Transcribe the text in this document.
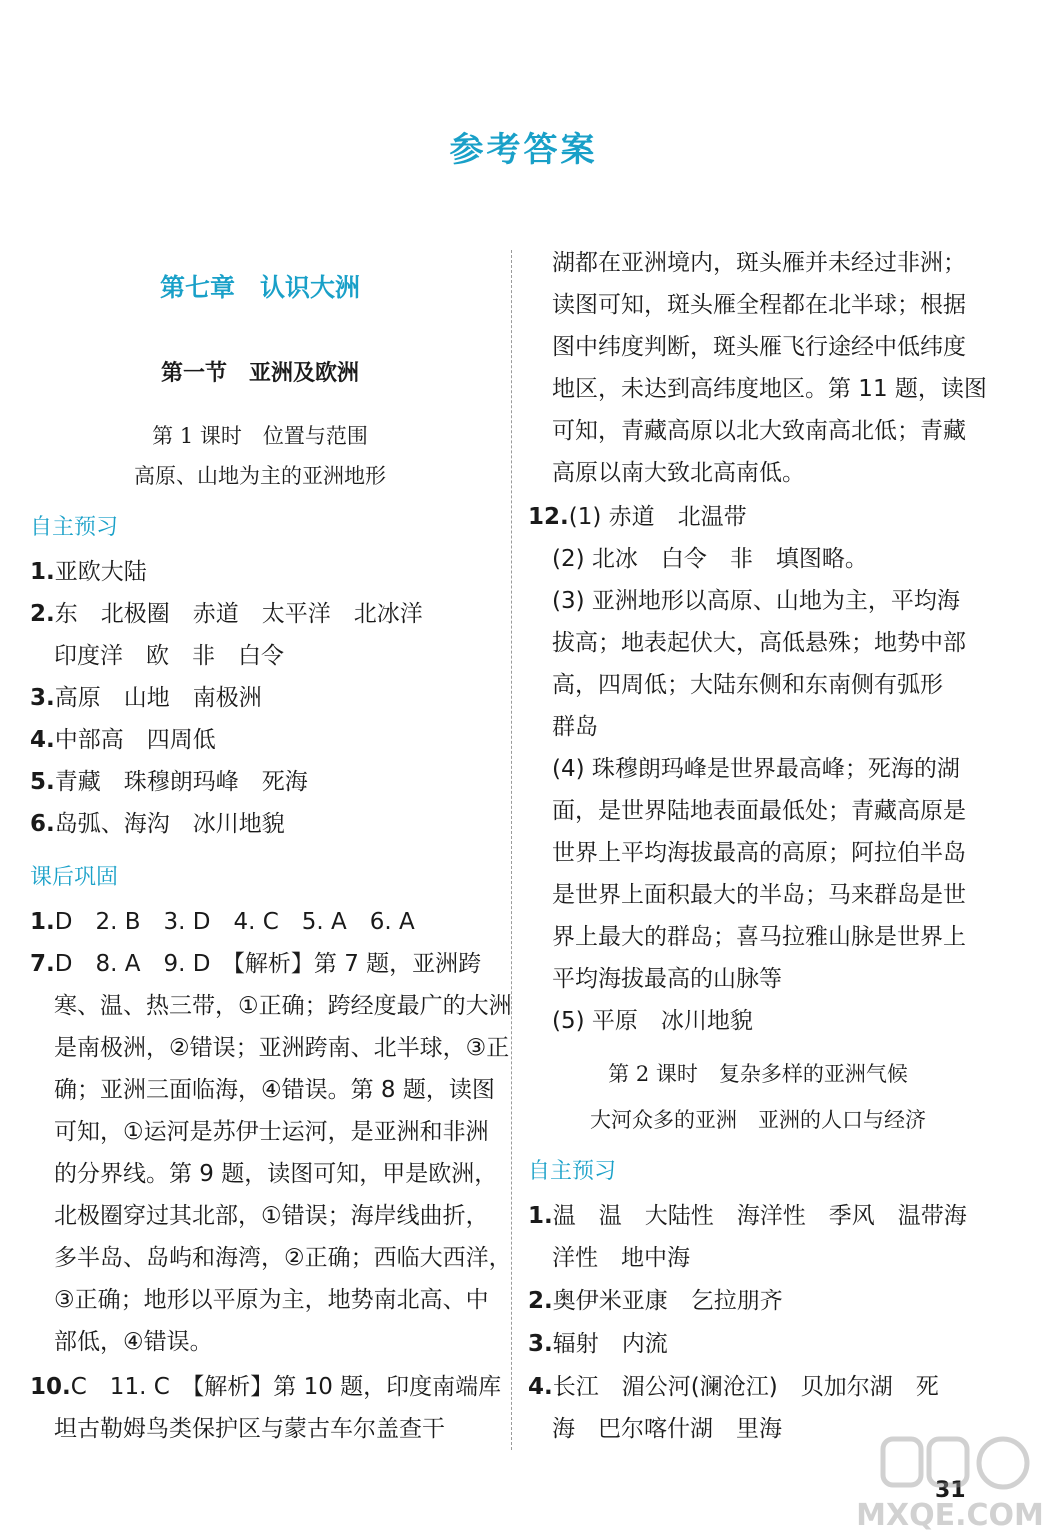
参考答案
第七章　认识大洲
第一节　亚洲及欧洲
第 1 课时　位置与范围
高原、山地为主的亚洲地形
自主预习
1.亚欧大陆
2.东　北极圈　赤道　太平洋　北冰洋
印度洋　欧　非　白令
3.高原　山地　南极洲
4.中部高　四周低
5.青藏　珠穆朗玛峰　死海
6.岛弧、海沟　冰川地貌
课后巩固
1.D　2. B　3. D　4. C　5. A　6. A
7.D　8. A　9. D　【解析】第 7 题，亚洲跨
寒、温、热三带，①正确；跨经度最广的大洲
是南极洲，②错误；亚洲跨南、北半球，③正
确；亚洲三面临海，④错误。第 8 题，读图
可知，①运河是苏伊士运河，是亚洲和非洲
的分界线。第 9 题，读图可知，甲是欧洲，
北极圈穿过其北部，①错误；海岸线曲折，
多半岛、岛屿和海湾，②正确；西临大西洋，
③正确；地形以平原为主，地势南北高、中
部低，④错误。
10.C　11. C　【解析】第 10 题，印度南端库
坦古勒姆鸟类保护区与蒙古车尔盖查干
湖都在亚洲境内，斑头雁并未经过非洲；
读图可知，斑头雁全程都在北半球；根据
图中纬度判断，斑头雁飞行途经中低纬度
地区，未达到高纬度地区。第 11 题，读图
可知，青藏高原以北大致南高北低；青藏
高原以南大致北高南低。
12.(1) 赤道　北温带
(2) 北冰　白令　非　填图略。
(3) 亚洲地形以高原、山地为主，平均海
拔高；地表起伏大，高低悬殊；地势中部
高，四周低；大陆东侧和东南侧有弧形
群岛
(4) 珠穆朗玛峰是世界最高峰；死海的湖
面，是世界陆地表面最低处；青藏高原是
世界上平均海拔最高的高原；阿拉伯半岛
是世界上面积最大的半岛；马来群岛是世
界上最大的群岛；喜马拉雅山脉是世界上
平均海拔最高的山脉等
(5) 平原　冰川地貌
第 2 课时　复杂多样的亚洲气候
大河众多的亚洲　亚洲的人口与经济
自主预习
1.温　温　大陆性　海洋性　季风　温带海
洋性　地中海
2.奥伊米亚康　乞拉朋齐
3.辐射　内流
4.长江　湄公河(澜沧江)　贝加尔湖　死
海　巴尔喀什湖　里海
31
MXQE.COM
